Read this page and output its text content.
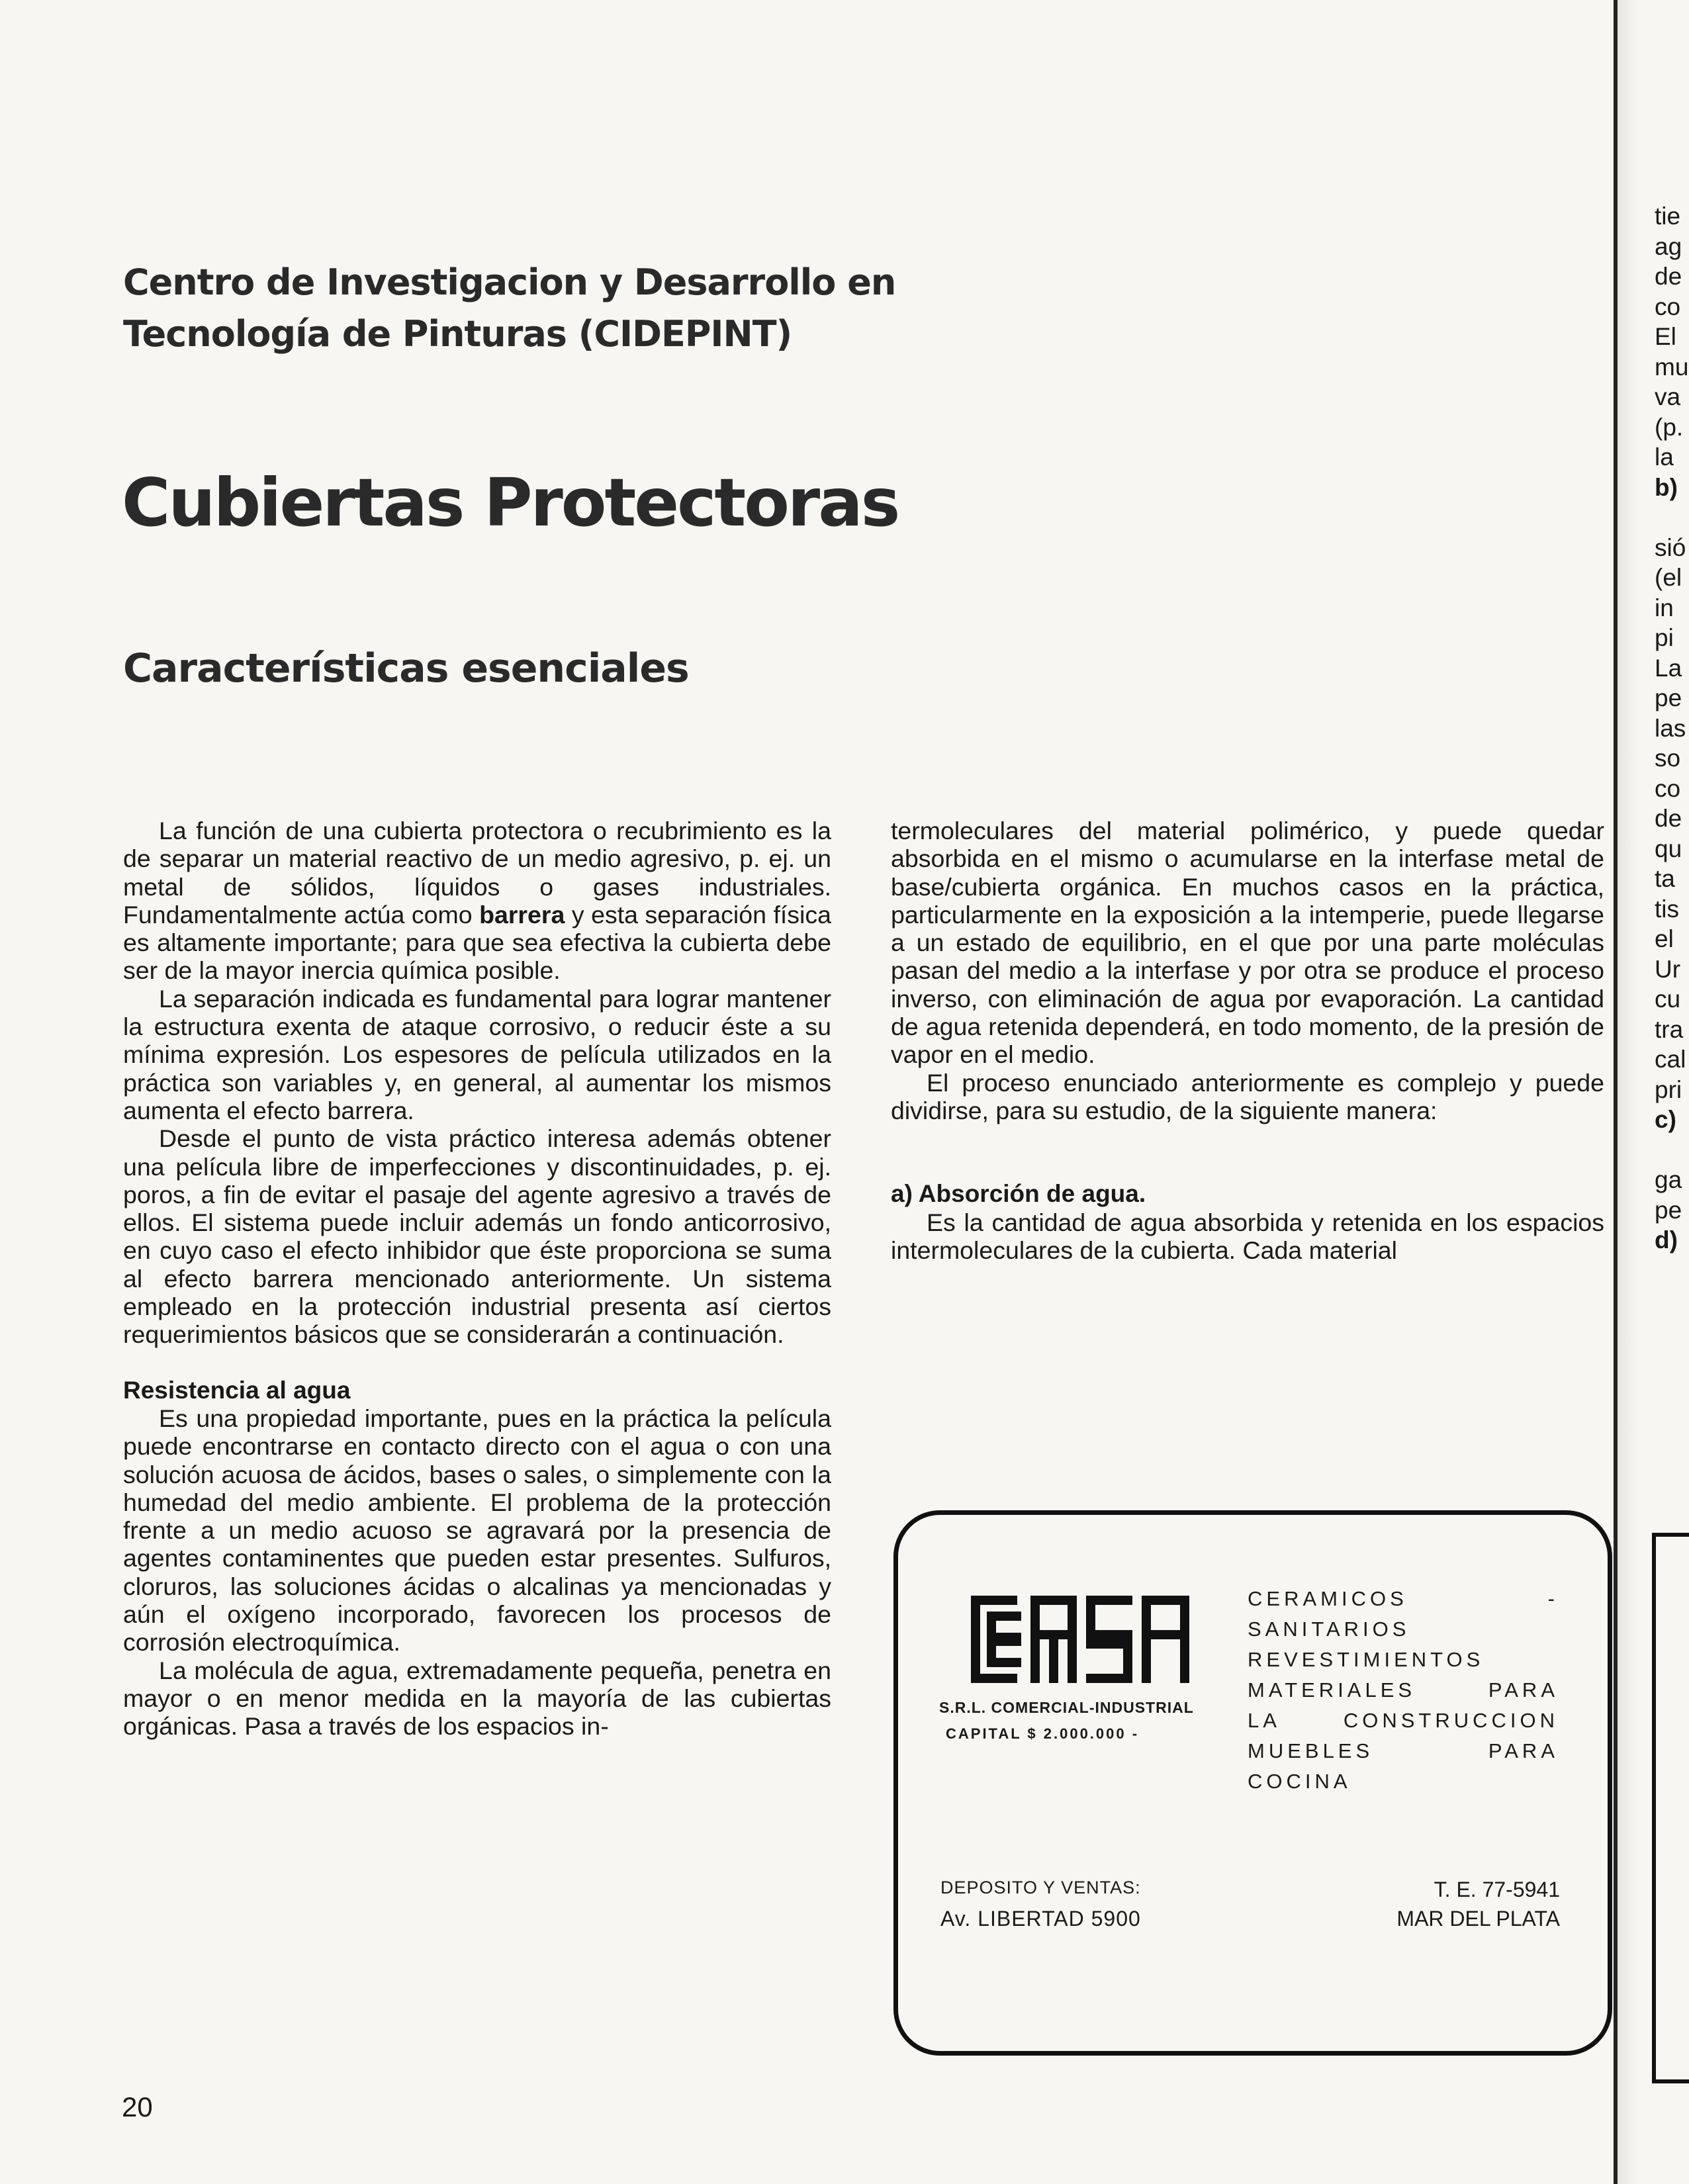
Centro de Investigacion y Desarrollo en
Tecnología de Pinturas (CIDEPINT)
Cubiertas Protectoras
Características esenciales

La función de una cubierta protectora o recubrimiento es la de separar un material reactivo de un medio agresivo, p. ej. un metal de sólidos, líquidos o gases industriales. Fundamentalmente actúa como barrera y esta separación física es altamente importante; para que sea efectiva la cubierta debe ser de la mayor inercia química posible.

La separación indicada es fundamental para lograr mantener la estructura exenta de ataque corrosivo, o reducir éste a su mínima expresión. Los espesores de película utilizados en la práctica son variables y, en general, al aumentar los mismos aumenta el efecto barrera.

Desde el punto de vista práctico interesa además obtener una película libre de imperfecciones y discontinuidades, p. ej. poros, a fin de evitar el pasaje del agente agresivo a través de ellos. El sistema puede incluir además un fondo anticorrosivo, en cuyo caso el efecto inhibidor que éste proporciona se suma al efecto barrera mencionado anteriormente. Un sistema empleado en la protección industrial presenta así ciertos requerimientos básicos que se considerarán a continuación.

Resistencia al agua

Es una propiedad importante, pues en la práctica la película puede encontrarse en contacto directo con el agua o con una solución acuosa de ácidos, bases o sales, o simplemente con la humedad del medio ambiente. El problema de la protección frente a un medio acuoso se agravará por la presencia de agentes contaminentes que pueden estar presentes. Sulfuros, cloruros, las soluciones ácidas o alcalinas ya mencionadas y aún el oxígeno incorporado, favorecen los procesos de corrosión electroquímica.

La molécula de agua, extremadamente pequeña, penetra en mayor o en menor medida en la mayoría de las cubiertas orgánicas. Pasa a través de los espacios in-

termoleculares del material polimérico, y puede quedar absorbida en el mismo o acumularse en la interfase metal de base/cubierta orgánica. En muchos casos en la práctica, particularmente en la exposición a la intemperie, puede llegarse a un estado de equilibrio, en el que por una parte moléculas pasan del medio a la interfase y por otra se produce el proceso inverso, con eliminación de agua por evaporación. La cantidad de agua retenida dependerá, en todo momento, de la presión de vapor en el medio.

El proceso enunciado anteriormente es complejo y puede dividirse, para su estudio, de la siguiente manera:

a) Absorción de agua.

Es la cantidad de agua absorbida y retenida en los espacios intermoleculares de la cubierta. Cada material

S.R.L. COMERCIAL-INDUSTRIAL
CAPITAL $ 2.000.000 -
CERAMICOS - SANITARIOS
REVESTIMIENTOS
MATERIALES PARA
LA CONSTRUCCION
MUEBLES PARA COCINA
DEPOSITO Y VENTAS:
Av. LIBERTAD 5900
T. E. 77-5941
MAR DEL PLATA
20
tie
ag
de
co
El
mu
va
(p.
la
b)

sió
(el
in
pi
La
pe
las
so
co
de
qu
ta
tis
el
Ur
cu
tra
cal
pri
c)

ga
pe
d)
